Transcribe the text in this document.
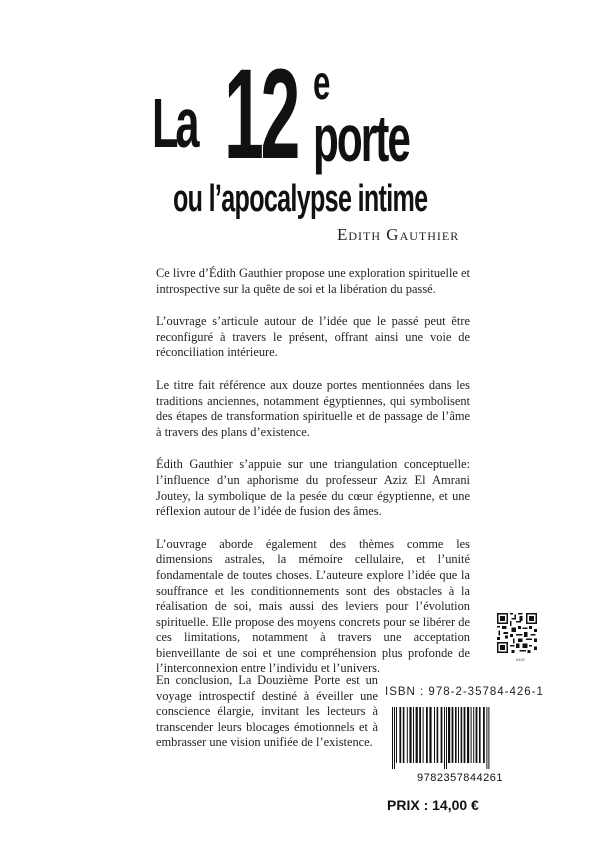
La 12 e
porte
ou l’apocalypse intime
Edith Gauthier

Ce livre d’Édith Gauthier propose une exploration spirituelle et introspective sur la quête de soi et la libération du passé.

L’ouvrage s’articule autour de l’idée que le passé peut être reconfiguré à travers le présent, offrant ainsi une voie de réconciliation intérieure.

Le titre fait référence aux douze portes mentionnées dans les traditions anciennes, notamment égyptiennes, qui symbolisent des étapes de transformation spirituelle et de passage de l’âme à travers des plans d’existence.

Édith Gauthier s’appuie sur une triangulation conceptuelle: l’influence d’un aphorisme du professeur Aziz El Amrani Joutey, la symbolique de la pesée du cœur égyptienne, et une réflexion autour de l’idée de fusion des âmes.

L’ouvrage aborde également des thèmes comme les dimensions astrales, la mémoire cellulaire, et l’unité fondamentale de toutes choses. L’auteure explore l’idée que la souffrance et les conditionnements sont des obstacles à la réalisation de soi, mais aussi des leviers pour l’évolution spirituelle. Elle propose des moyens concrets pour se libérer de ces limitations, notamment à travers une acceptation bienveillante de soi et une compréhension plus profonde de l’interconnexion entre l’individu et l’univers.

En conclusion, La Douzième Porte est un voyage introspectif destiné à éveiller une conscience élargie, invitant les lecteurs à transcender leurs blocages émotionnels et à embrasser une vision unifiée de l’existence.

6483
ISBN : 978-2-35784-426-1
9782357844261
PRIX : 14,00 €
